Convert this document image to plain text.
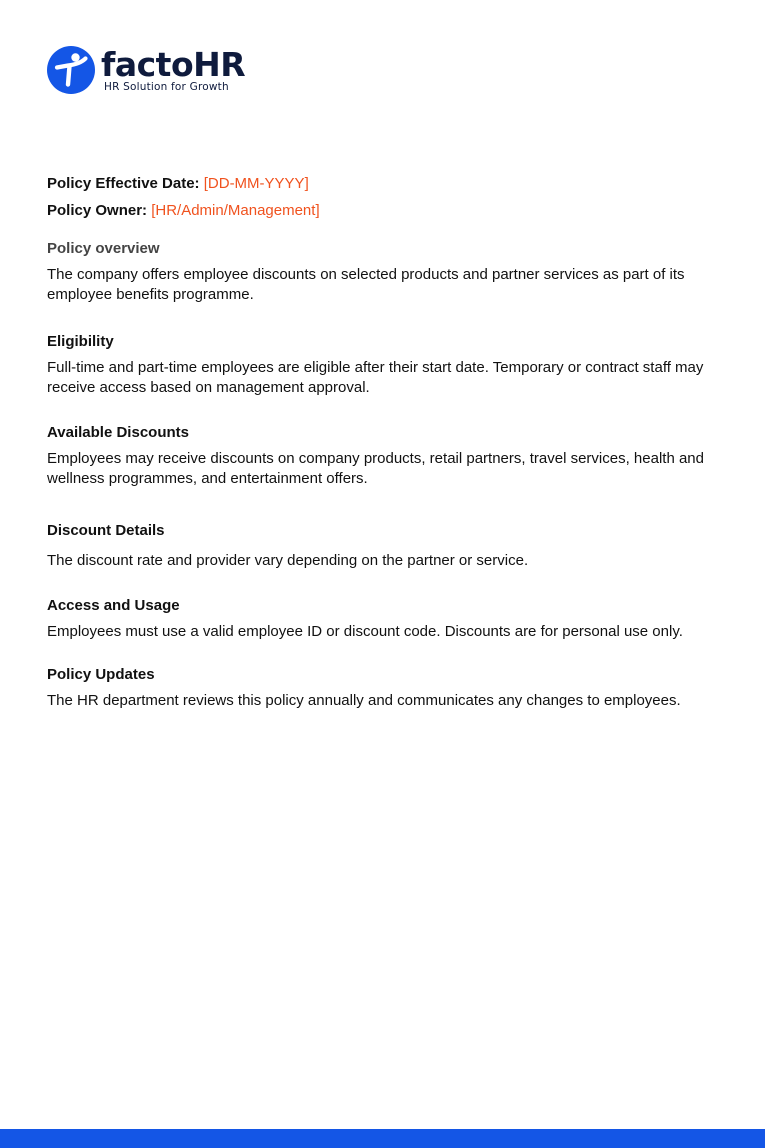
factoHR
HR Solution for Growth

Policy Effective Date: [DD-MM-YYYY]

Policy Owner: [HR/Admin/Management]

Policy overview

The company offers employee discounts on selected products and partner services as part of its employee benefits programme.

Eligibility

Full-time and part-time employees are eligible after their start date. Temporary or contract staff may receive access based on management approval.

Available Discounts

Employees may receive discounts on company products, retail partners, travel services, health and wellness programmes, and entertainment offers.

Discount Details

The discount rate and provider vary depending on the partner or service.

Access and Usage

Employees must use a valid employee ID or discount code. Discounts are for personal use only.

Policy Updates

The HR department reviews this policy annually and communicates any changes to employees.
